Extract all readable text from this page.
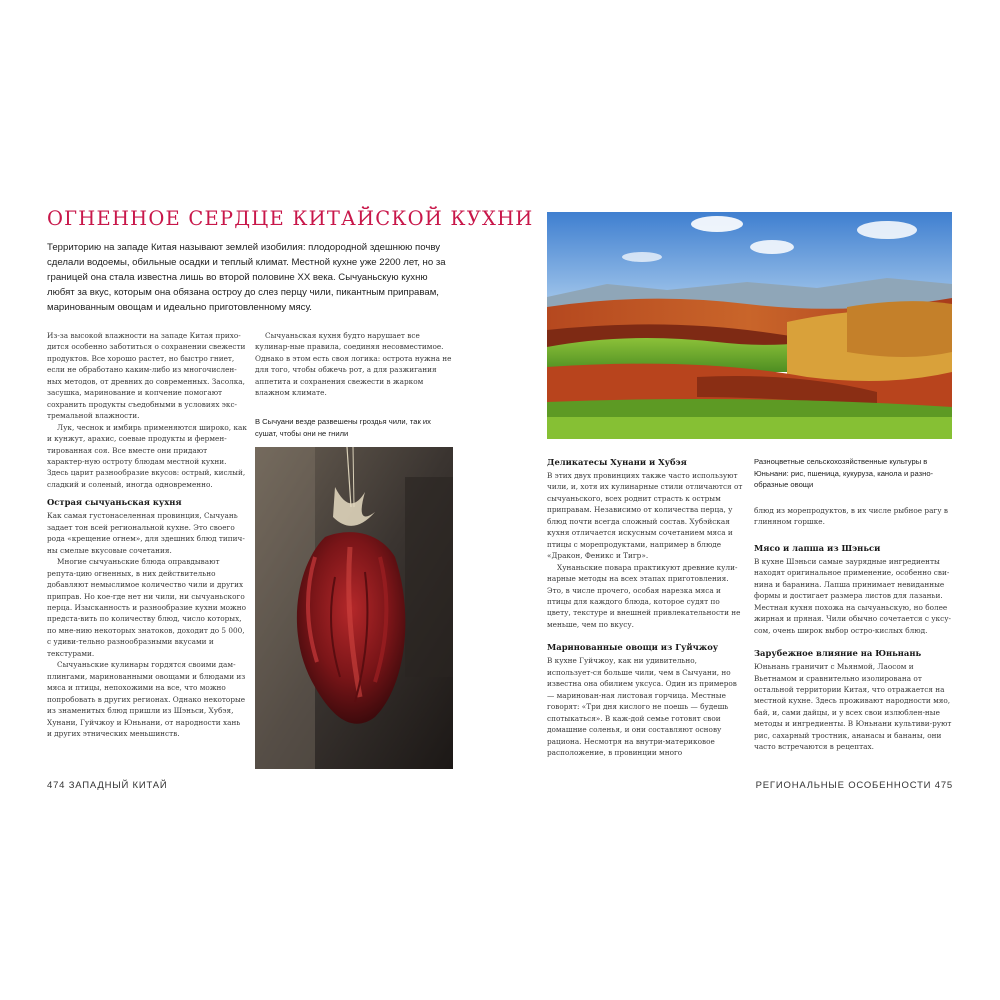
ОГНЕННОЕ СЕРДЦЕ КИТАЙСКОЙ КУХНИ

Территорию на западе Китая называют землей изобилия: плодородной здешнюю почву сделали водоемы, обильные осадки и теплый климат. Местной кухне уже 2200 лет, но за границей она стала известна лишь во второй половине XX века. Сычуаньскую кухню любят за вкус, которым она обязана остроу до слез перцу чили, пикантным приправам, маринованным овощам и идеально приготовленному мясу.

Из-за высокой влажности на западе Китая прихо-дится особенно заботиться о сохранении свежести продуктов. Все хорошо растет, но быстро гниет, если не обработано каким-либо из многочислен-ных методов, от древних до современных. Засолка, засушка, маринование и копчение помогают сохранить продукты съедобными в условиях экс-тремальной влажности.

Лук, чеснок и имбирь применяются широко, как и кунжут, арахис, соевые продукты и фермен-тированная соя. Все вместе они придают характер-ную остроту блюдам местной кухни. Здесь царит разнообразие вкусов: острый, кислый, сладкий и соленый, иногда одновременно.

Острая сычуаньская кухня

Как самая густонаселенная провинция, Сычуань задает тон всей региональной кухне. Это своего рода «крещение огнем», для здешних блюд типич-ны смелые вкусовые сочетания.

Многие сычуаньские блюда оправдывают репута-цию огненных, в них действительно добавляют немыслимое количество чили и других приправ. Но кое-где нет ни чили, ни сычуаньского перца. Изысканность и разнообразие кухни можно предста-вить по количеству блюд, число которых, по мне-нию некоторых знатоков, доходит до 5 000, с удиви-тельно разнообразными вкусами и текстурами.

Сычуаньские кулинары гордятся своими дам-плингами, маринованными овощами и блюдами из мяса и птицы, непохожими на все, что можно попробовать в других регионах. Однако некоторые из знаменитых блюд пришли из Шэньси, Хубэя, Хунани, Гуйчжоу и Юньнани, от народности хань и других этнических меньшинств.

Сычуаньская кухня будто нарушает все кулинар-ные правила, соединяя несовместимое. Однако в этом есть своя логика: острота нужна не для того, чтобы обжечь рот, а для разжигания аппетита и сохранения свежести в жарком влажном климате.

В Сычуани везде развешены гроздья чили, так их сушат, чтобы они не гнили

474 ЗАПАДНЫЙ КИТАЙ

Деликатесы Хунани и Хубэя

В этих двух провинциях также часто используют чили, и, хотя их кулинарные стили отличаются от сычуаньского, всех роднит страсть к острым приправам. Независимо от количества перца, у блюд почти всегда сложный состав. Хубэйская кухня отличается искусным сочетанием мяса и птицы с морепродуктами, например в блюде «Дракон, Феникс и Тигр».

Хунаньские повара практикуют древние кули-нарные методы на всех этапах приготовления. Это, в числе прочего, особая нарезка мяса и птицы для каждого блюда, которое судят по цвету, текстуре и внешней привлекательности не меньше, чем по вкусу.

Маринованные овощи из Гуйчжоу

В кухне Гуйчжоу, как ни удивительно, использует-ся больше чили, чем в Сычуани, но известна она обилием уксуса. Один из примеров — маринован-ная листовая горчица. Местные говорят: «Три дня кислого не поешь — будешь спотыкаться». В каж-дой семье готовят свои домашние соленья, и они составляют основу рациона. Несмотря на внутри-материковое расположение, в провинции много

Разноцветные сельскохозяйственные культуры в Юньнани: рис, пшеница, кукуруза, канола и разно-образные овощи

блюд из морепродуктов, в их числе рыбное рагу в глиняном горшке.

Мясо и лапша из Шэньси

В кухне Шэньси самые заурядные ингредиенты находят оригинальное применение, особенно сви-нина и баранина. Лапша принимает невиданные формы и достигает размера листов для лазаньи. Местная кухня похожа на сычуаньскую, но более жирная и пряная. Чили обычно сочетается с уксу-сом, очень широк выбор остро-кислых блюд.

Зарубежное влияние на Юньнань

Юньнань граничит с Мьянмой, Лаосом и Вьетнамом и сравнительно изолирована от остальной территории Китая, что отражается на местной кухне. Здесь проживают народности мяо, бай, и, сами дайцы, и у всех свои излюблен-ные методы и ингредиенты. В Юньнани культиви-руют рис, сахарный тростник, ананасы и бананы, они часто встречаются в рецептах.

РЕГИОНАЛЬНЫЕ ОСОБЕННОСТИ 475
